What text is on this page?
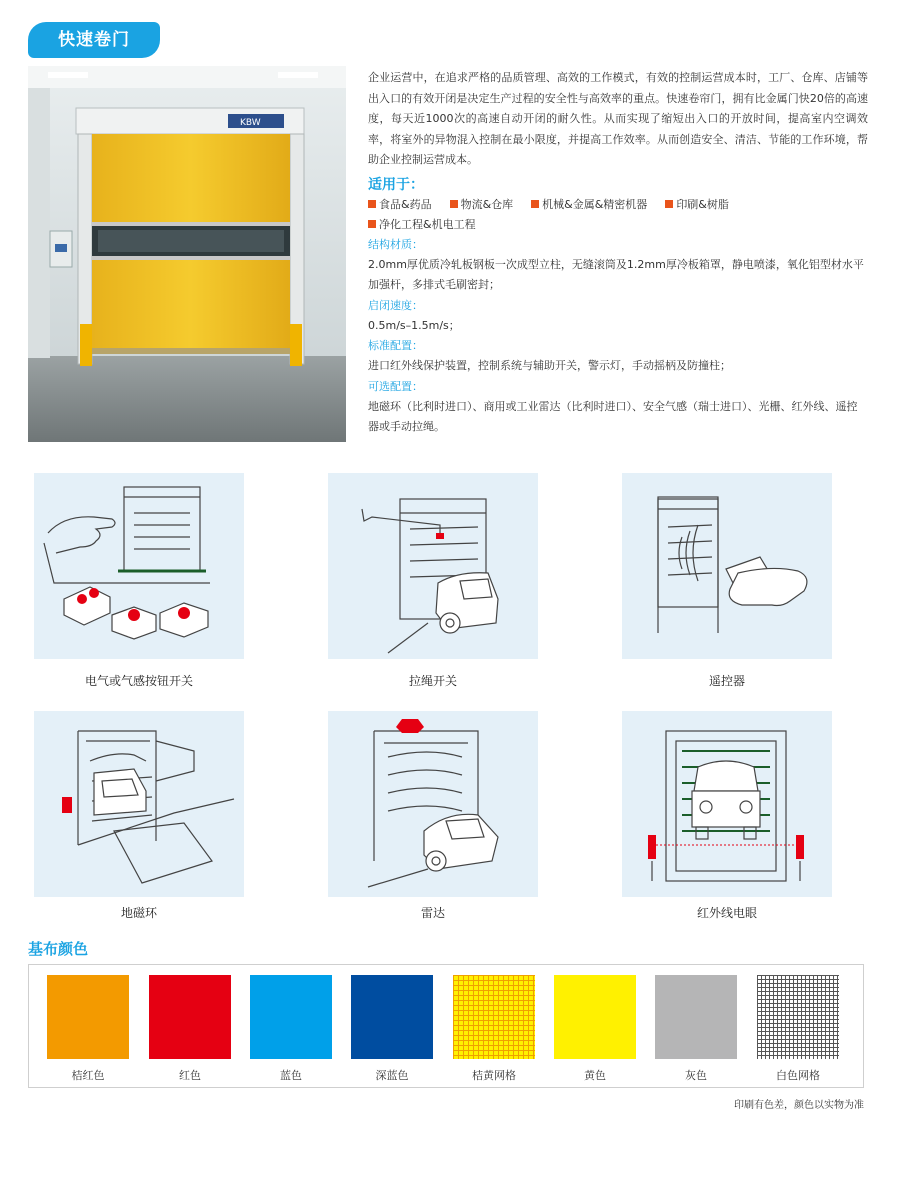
快速卷门
KBW

企业运营中，在追求严格的品质管理、高效的工作模式，有效的控制运营成本时，工厂、仓库、店铺等出入口的有效开闭是决定生产过程的安全性与高效率的重点。快速卷帘门，拥有比金属门快20倍的高速度，每天近1000次的高速自动开闭的耐久性。从而实现了缩短出入口的开放时间，提高室内空调效率，将室外的异物混入控制在最小限度，并提高工作效率。从而创造安全、清洁、节能的工作环境，帮助企业控制运营成本。

适用于：
食品&药品	物流&仓库	机械&金属&精密机器	印刷&树脂
净化工程&机电工程
结构材质：
2.0mm厚优质冷轧板钢板一次成型立柱，无缝滚筒及1.2mm厚冷板箱罩，静电喷漆，氧化铝型材水平加强杆，多排式毛刷密封；
启闭速度：
0.5m/s–1.5m/s；
标准配置：
进口红外线保护装置，控制系统与辅助开关，警示灯，手动摇柄及防撞柱；
可选配置：
地磁环（比利时进口）、商用或工业雷达（比利时进口）、安全气感（瑞士进口）、光栅、红外线、遥控器或手动拉绳。
电气或气感按钮开关	拉绳开关	遥控器
地磁环	雷达	红外线电眼
基布颜色
桔红色	红色	蓝色	深蓝色	桔黄网格	黄色	灰色	白色网格
印刷有色差，颜色以实物为准
